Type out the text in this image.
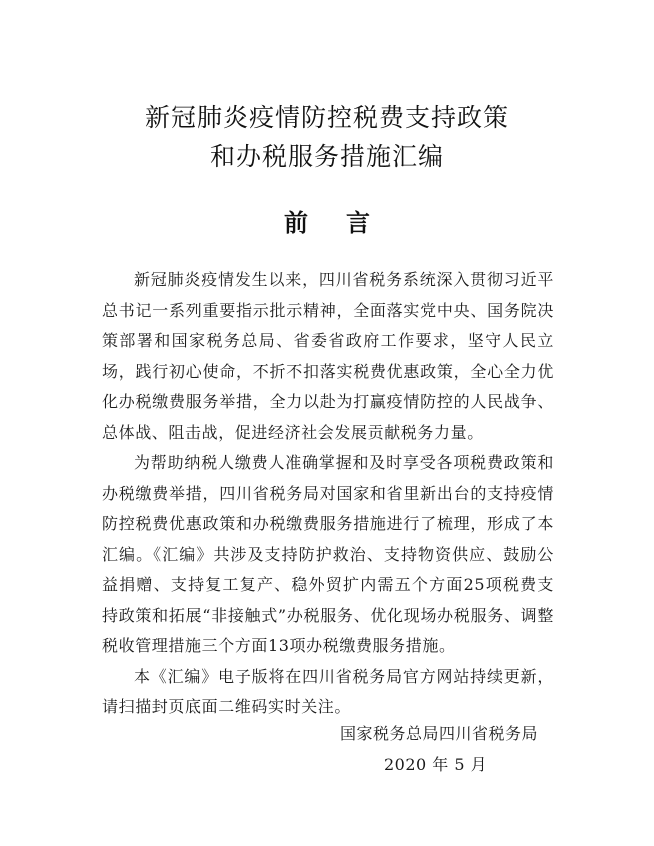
新冠肺炎疫情防控税费支持政策
和办税服务措施汇编
前言

新冠肺炎疫情发生以来，四川省税务系统深入贯彻习近平总书记一系列重要指示批示精神，全面落实党中央、国务院决策部署和国家税务总局、省委省政府工作要求，坚守人民立场，践行初心使命，不折不扣落实税费优惠政策，全心全力优化办税缴费服务举措，全力以赴为打赢疫情防控的人民战争、总体战、阻击战，促进经济社会发展贡献税务力量。

为帮助纳税人缴费人准确掌握和及时享受各项税费政策和办税缴费举措，四川省税务局对国家和省里新出台的支持疫情防控税费优惠政策和办税缴费服务措施进行了梳理，形成了本汇编。《汇编》共涉及支持防护救治、支持物资供应、鼓励公益捐赠、支持复工复产、稳外贸扩内需五个方面25项税费支持政策和拓展“非接触式”办税服务、优化现场办税服务、调整税收管理措施三个方面13项办税缴费服务措施。

本《汇编》电子版将在四川省税务局官方网站持续更新，请扫描封页底面二维码实时关注。

国家税务总局四川省税务局
2020 年 5 月
